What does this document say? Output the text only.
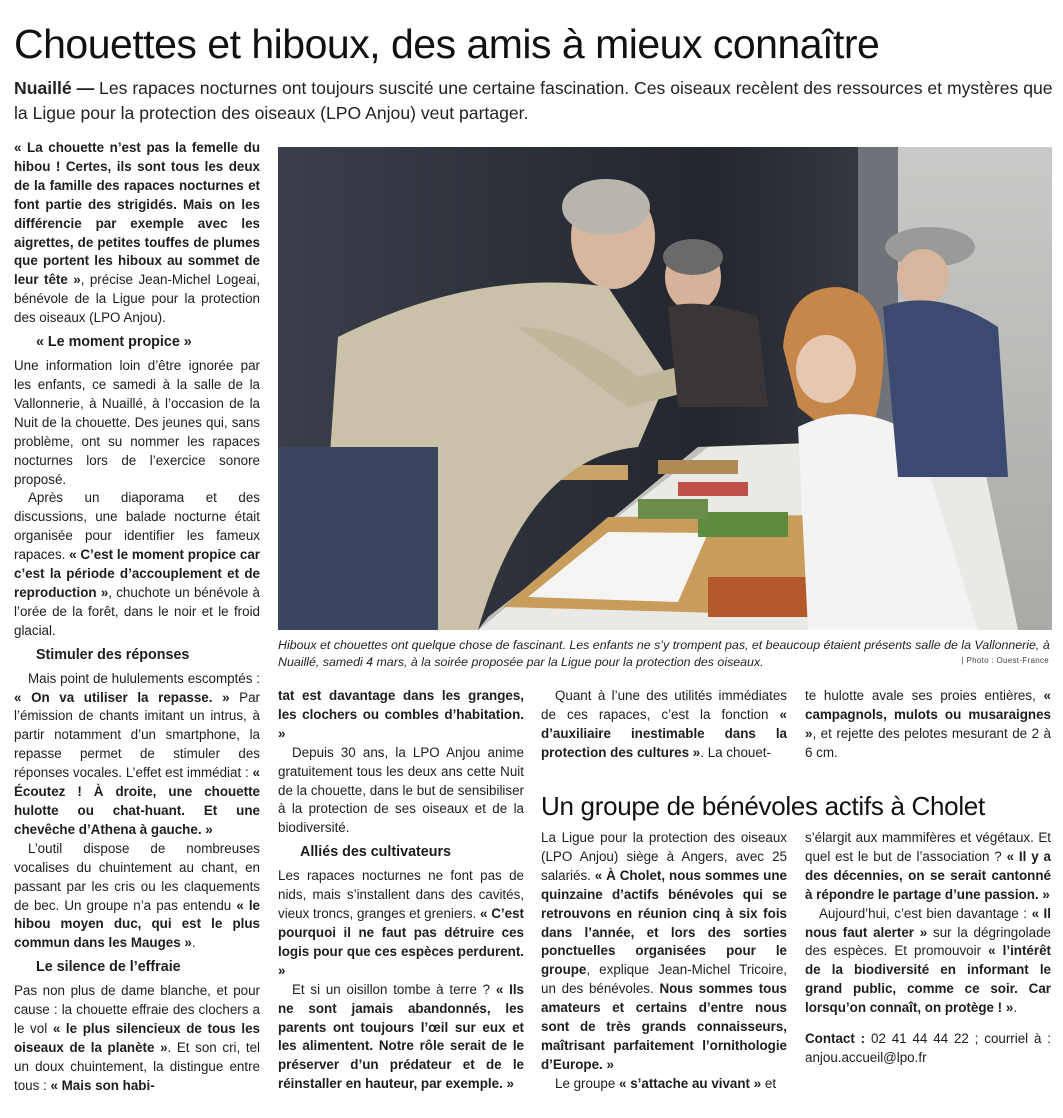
Chouettes et hiboux, des amis à mieux connaître
Nuaillé — Les rapaces nocturnes ont toujours suscité une certaine fascination. Ces oiseaux recèlent des ressources et mystères que la Ligue pour la protection des oiseaux (LPO Anjou) veut partager.

« La chouette n’est pas la femelle du hibou ! Certes, ils sont tous les deux de la famille des rapaces nocturnes et font partie des strigidés. Mais on les différencie par exemple avec les aigrettes, de petites touffes de plumes que portent les hiboux au sommet de leur tête », précise Jean-Michel Logeai, bénévole de la Ligue pour la protection des oiseaux (LPO Anjou).

« Le moment propice »

Une information loin d’être ignorée par les enfants, ce samedi à la salle de la Vallonnerie, à Nuaillé, à l’occasion de la Nuit de la chouette. Des jeunes qui, sans problème, ont su nommer les rapaces nocturnes lors de l’exercice sonore proposé.

Après un diaporama et des discussions, une balade nocturne était organisée pour identifier les fameux rapaces. « C’est le moment propice car c’est la période d’accouplement et de reproduction », chuchote un bénévole à l’orée de la forêt, dans le noir et le froid glacial.

Stimuler des réponses

Mais point de hululements escomptés : « On va utiliser la repasse. » Par l’émission de chants imitant un intrus, à partir notamment d’un smartphone, la repasse permet de stimuler des réponses vocales. L’effet est immédiat : « Écoutez ! À droite, une chouette hulotte ou chat-huant. Et une chevêche d’Athena à gauche. »

L’outil dispose de nombreuses vocalises du chuintement au chant, en passant par les cris ou les claquements de bec. Un groupe n’a pas entendu « le hibou moyen duc, qui est le plus commun dans les Mauges ».

Le silence de l’effraie

Pas non plus de dame blanche, et pour cause : la chouette effraie des clochers a le vol « le plus silencieux de tous les oiseaux de la planète ». Et son cri, tel un doux chuintement, la distingue entre tous : « Mais son habi-

Hiboux et chouettes ont quelque chose de fascinant. Les enfants ne s’y trompent pas, et beaucoup étaient présents salle de la Vallonnerie, à Nuaillé, samedi 4 mars, à la soirée proposée par la Ligue pour la protection des oiseaux.	| Photo : Ouest-France

tat est davantage dans les granges, les clochers ou combles d’habitation. »

Depuis 30 ans, la LPO Anjou anime gratuitement tous les deux ans cette Nuit de la chouette, dans le but de sensibiliser à la protection de ses oiseaux et de la biodiversité.

Alliés des cultivateurs

Les rapaces nocturnes ne font pas de nids, mais s’installent dans des cavités, vieux troncs, granges et greniers. « C’est pourquoi il ne faut pas détruire ces logis pour que ces espèces perdurent. »

Et si un oisillon tombe à terre ? « Ils ne sont jamais abandonnés, les parents ont toujours l’œil sur eux et les alimentent. Notre rôle serait de le préserver d’un prédateur et de le réinstaller en hauteur, par exemple. »

Quant à l’une des utilités immédiates de ces rapaces, c’est la fonction « d’auxiliaire inestimable dans la protection des cultures ». La chouet-

te hulotte avale ses proies entières, « campagnols, mulots ou musaraignes », et rejette des pelotes mesurant de 2 à 6 cm.

Un groupe de bénévoles actifs à Cholet

La Ligue pour la protection des oiseaux (LPO Anjou) siège à Angers, avec 25 salariés. « À Cholet, nous sommes une quinzaine d’actifs bénévoles qui se retrouvons en réunion cinq à six fois dans l’année, et lors des sorties ponctuelles organisées pour le groupe, explique Jean-Michel Tricoire, un des bénévoles. Nous sommes tous amateurs et certains d’entre nous sont de très grands connaisseurs, maîtrisant parfaitement l’ornithologie d’Europe. »

Le groupe « s’attache au vivant » et

s’élargit aux mammifères et végétaux. Et quel est le but de l’association ? « Il y a des décennies, on se serait cantonné à répondre le partage d’une passion. »

Aujourd’hui, c’est bien davantage : « Il nous faut alerter » sur la dégringolade des espèces. Et promouvoir « l’intérêt de la biodiversité en informant le grand public, comme ce soir. Car lorsqu’on connaît, on protège ! ».

Contact : 02 41 44 44 22 ; courriel à : anjou.accueil@lpo.fr
